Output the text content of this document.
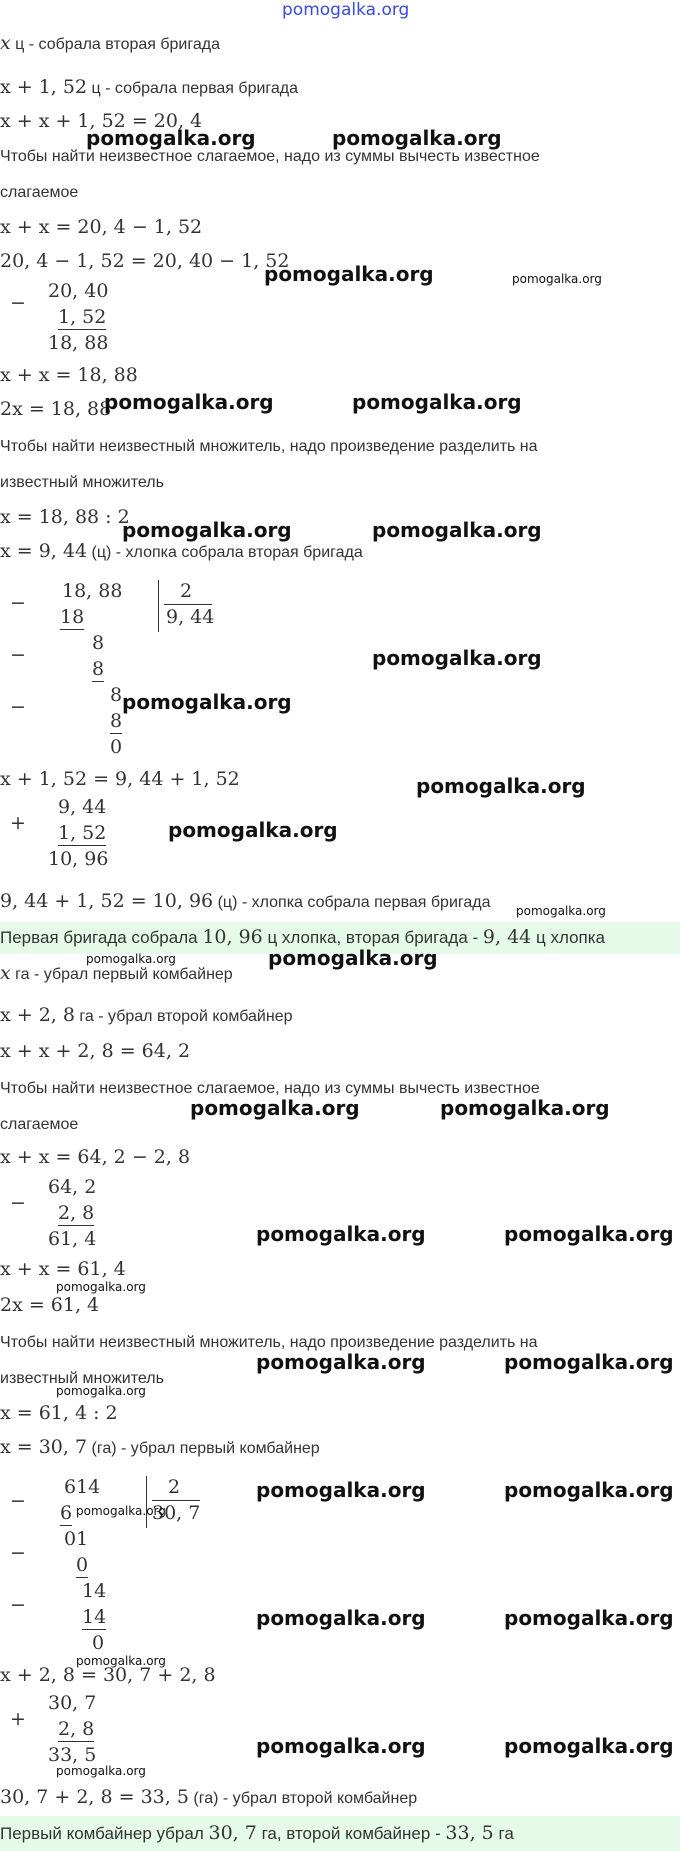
pomogalka.org
x ц - собрала вторая бригада
x + 1, 52 ц - собрала первая бригада
x + x + 1, 52 = 20, 4
Чтобы найти неизвестное слагаемое, надо из суммы вычесть известное
слагаемое
x + x = 20, 4 − 1, 52
20, 4 − 1, 52 = 20, 40 − 1, 52
−
20, 40
1, 52
18, 88
x + x = 18, 88
2x = 18, 88
Чтобы найти неизвестный множитель, надо произведение разделить на
известный множитель
x = 18, 88 : 2
x = 9, 44 (ц) - хлопка собрала вторая бригада
−
18, 88	2
9, 44
18
−
8
8
−
8
8
0
x + 1, 52 = 9, 44 + 1, 52
+
9, 44
1, 52
10, 96
9, 44 + 1, 52 = 10, 96 (ц) - хлопка собрала первая бригада
Первая бригада собрала 10, 96 ц хлопка, вторая бригада - 9, 44 ц хлопка
x га - убрал первый комбайнер
x + 2, 8 га - убрал второй комбайнер
x + x + 2, 8 = 64, 2
Чтобы найти неизвестное слагаемое, надо из суммы вычесть известное
слагаемое
x + x = 64, 2 − 2, 8
−
64, 2
2, 8
61, 4
x + x = 61, 4
2x = 61, 4
Чтобы найти неизвестный множитель, надо произведение разделить на
известный множитель
x = 61, 4 : 2
x = 30, 7 (га) - убрал первый комбайнер
−
614	2
30, 7
6
−
01
0
−
14
14
0
x + 2, 8 = 30, 7 + 2, 8
+
30, 7
2, 8
33, 5
30, 7 + 2, 8 = 33, 5 (га) - убрал второй комбайнер
Первый комбайнер убрал 30, 7 га, второй комбайнер - 33, 5 га
pomogalka.org	pomogalka.org
pomogalka.org
pomogalka.org	pomogalka.org
pomogalka.org	pomogalka.org
pomogalka.org
pomogalka.org
pomogalka.org
pomogalka.org
pomogalka.org
pomogalka.org	pomogalka.org
pomogalka.org	pomogalka.org
pomogalka.org	pomogalka.org
pomogalka.org	pomogalka.org
pomogalka.org	pomogalka.org
pomogalka.org	pomogalka.org
pomogalka.org
pomogalka.org
pomogalka.org
pomogalka.org
pomogalka.org
pomogalka.org
pomogalka.org
pomogalka.org
